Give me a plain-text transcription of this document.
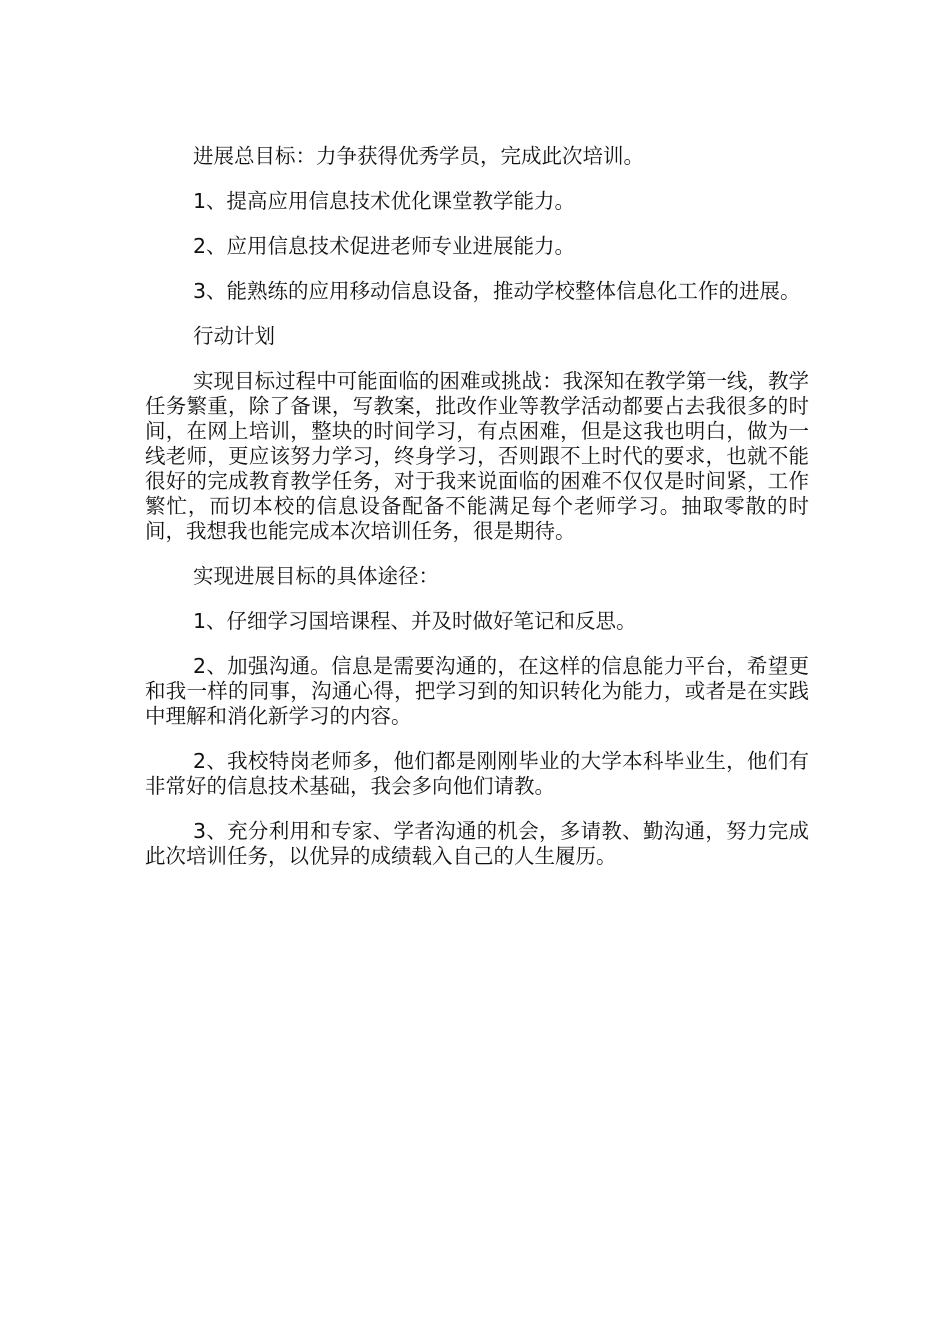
进展总目标：力争获得优秀学员，完成此次培训。

1、提高应用信息技术优化课堂教学能力。

2、应用信息技术促进老师专业进展能力。

3、能熟练的应用移动信息设备，推动学校整体信息化工作的进展。

行动计划

实现目标过程中可能面临的困难或挑战：我深知在教学第一线，教学任务繁重，除了备课，写教案，批改作业等教学活动都要占去我很多的时间，在网上培训，整块的时间学习，有点困难，但是这我也明白，做为一线老师，更应该努力学习，终身学习，否则跟不上时代的要求，也就不能很好的完成教育教学任务，对于我来说面临的困难不仅仅是时间紧，工作繁忙，而切本校的信息设备配备不能满足每个老师学习。抽取零散的时间，我想我也能完成本次培训任务，很是期待。

实现进展目标的具体途径：

1、仔细学习国培课程、并及时做好笔记和反思。

2、加强沟通。信息是需要沟通的，在这样的信息能力平台，希望更和我一样的同事，沟通心得，把学习到的知识转化为能力，或者是在实践中理解和消化新学习的内容。

2、我校特岗老师多，他们都是刚刚毕业的大学本科毕业生，他们有非常好的信息技术基础，我会多向他们请教。

3、充分利用和专家、学者沟通的机会，多请教、勤沟通，努力完成此次培训任务，以优异的成绩载入自己的人生履历。
